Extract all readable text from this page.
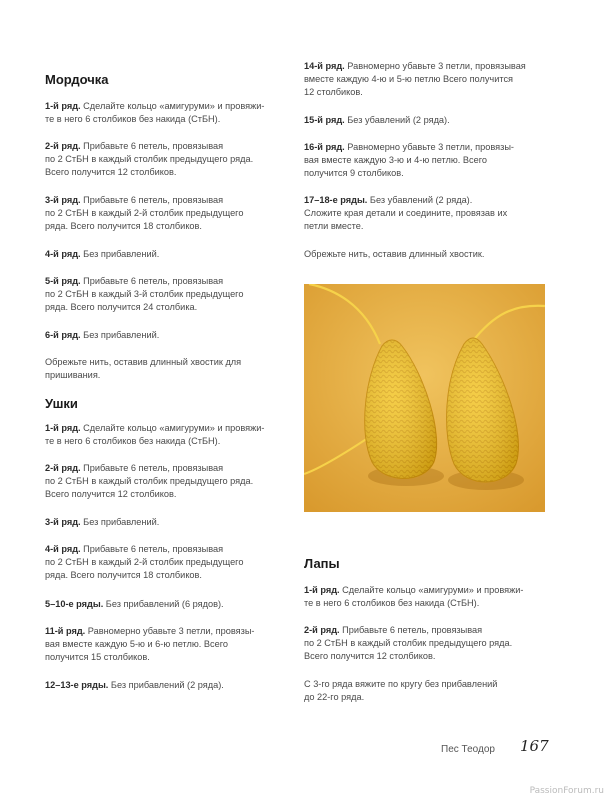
Мордочка

1-й ряд. Сделайте кольцо «амигуруми» и провяжи-
те в него 6 столбиков без накида (СтБН).

2-й ряд. Прибавьте 6 петель, провязывая
по 2 СтБН в каждый столбик предыдущего ряда.
Всего получится 12 столбиков.

3-й ряд. Прибавьте 6 петель, провязывая
по 2 СтБН в каждый 2-й столбик предыдущего
ряда. Всего получится 18 столбиков.

4-й ряд. Без прибавлений.

5-й ряд. Прибавьте 6 петель, провязывая
по 2 СтБН в каждый 3-й столбик предыдущего
ряда. Всего получится 24 столбика.

6-й ряд. Без прибавлений.

Обрежьте нить, оставив длинный хвостик для
пришивания.

Ушки

1-й ряд. Сделайте кольцо «амигуруми» и провяжи-
те в него 6 столбиков без накида (СтБН).

2-й ряд. Прибавьте 6 петель, провязывая
по 2 СтБН в каждый столбик предыдущего ряда.
Всего получится 12 столбиков.

3-й ряд. Без прибавлений.

4-й ряд. Прибавьте 6 петель, провязывая
по 2 СтБН в каждый 2-й столбик предыдущего
ряда. Всего получится 18 столбиков.

5–10-е ряды. Без прибавлений (6 рядов).

11-й ряд. Равномерно убавьте 3 петли, провязы-
вая вместе каждую 5-ю и 6-ю петлю. Всего
получится 15 столбиков.

12–13-е ряды. Без прибавлений (2 ряда).

14-й ряд. Равномерно убавьте 3 петли, провязывая
вместе каждую 4-ю и 5-ю петлю Всего получится
12 столбиков.

15-й ряд. Без убавлений (2 ряда).

16-й ряд. Равномерно убавьте 3 петли, провязы-
вая вместе каждую 3-ю и 4-ю петлю. Всего
получится 9 столбиков.

17–18-е ряды. Без убавлений (2 ряда).
Сложите края детали и соедините, провязав их
петли вместе.

Обрежьте нить, оставив длинный хвостик.

Лапы

1-й ряд. Сделайте кольцо «амигуруми» и провяжи-
те в него 6 столбиков без накида (СтБН).

2-й ряд. Прибавьте 6 петель, провязывая
по 2 СтБН в каждый столбик предыдущего ряда.
Всего получится 12 столбиков.

С 3-го ряда вяжите по кругу без прибавлений
до 22-го ряда.

Пес Теодор 167
PassionForum.ru
